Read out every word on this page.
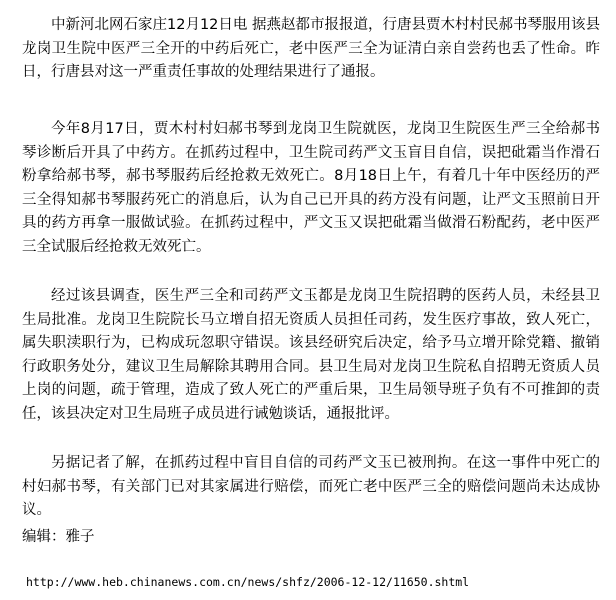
中新河北网石家庄12月12日电 据燕赵都市报报道，行唐县贾木村村民郝书琴服用该县龙岗卫生院中医严三全开的中药后死亡，老中医严三全为证清白亲自尝药也丢了性命。昨日，行唐县对这一严重责任事故的处理结果进行了通报。

今年8月17日，贾木村村妇郝书琴到龙岗卫生院就医，龙岗卫生院医生严三全给郝书琴诊断后开具了中药方。在抓药过程中，卫生院司药严文玉盲目自信，误把砒霜当作滑石粉拿给郝书琴，郝书琴服药后经抢救无效死亡。8月18日上午，有着几十年中医经历的严三全得知郝书琴服药死亡的消息后，认为自己已开具的药方没有问题，让严文玉照前日开具的药方再拿一服做试验。在抓药过程中，严文玉又误把砒霜当做滑石粉配药，老中医严三全试服后经抢救无效死亡。

经过该县调查，医生严三全和司药严文玉都是龙岗卫生院招聘的医药人员，未经县卫生局批准。龙岗卫生院院长马立增自招无资质人员担任司药，发生医疗事故，致人死亡，属失职渎职行为，已构成玩忽职守错误。该县经研究后决定，给予马立增开除党籍、撤销行政职务处分，建议卫生局解除其聘用合同。县卫生局对龙岗卫生院私自招聘无资质人员上岗的问题，疏于管理，造成了致人死亡的严重后果，卫生局领导班子负有不可推卸的责任，该县决定对卫生局班子成员进行诫勉谈话，通报批评。

另据记者了解，在抓药过程中盲目自信的司药严文玉已被刑拘。在这一事件中死亡的村妇郝书琴，有关部门已对其家属进行赔偿，而死亡老中医严三全的赔偿问题尚未达成协议。

编辑：雅子

http://www.heb.chinanews.com.cn/news/shfz/2006-12-12/11650.shtml
